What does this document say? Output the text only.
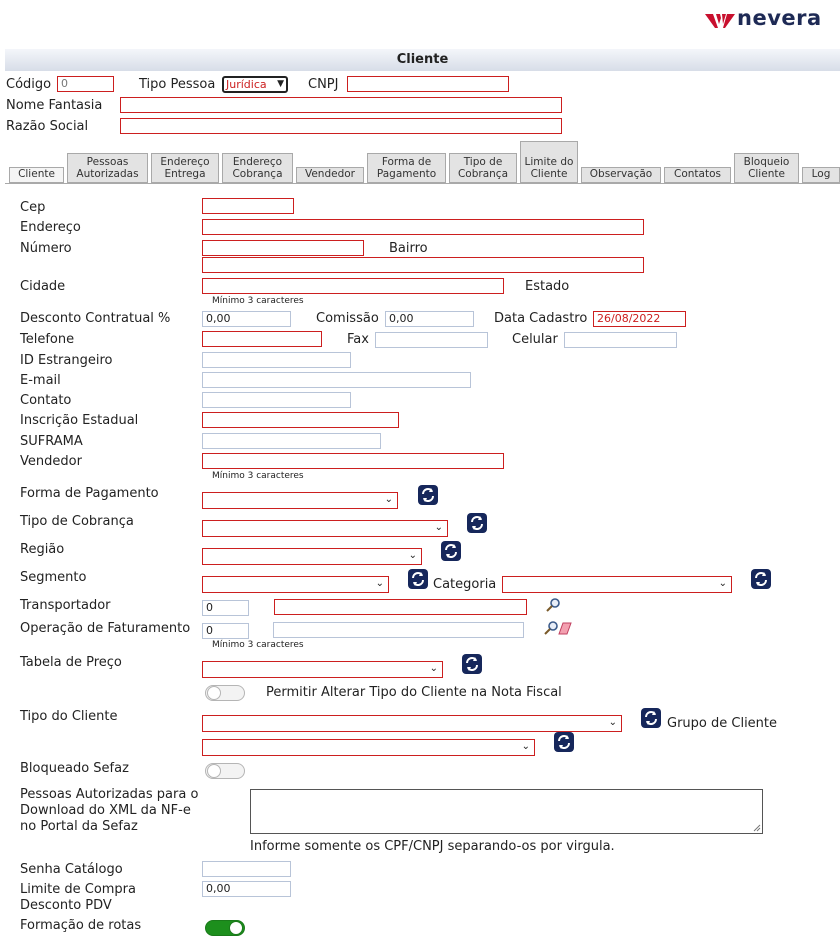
nevera
Cliente
Código 0	Tipo Pessoa Jurídica ▼ CNPJ
Nome Fantasia
Razão Social
Cliente
Pessoas Autorizadas
Endereço Entrega
Endereço Cobrança	Vendedor
Forma de Pagamento
Tipo de Cobrança
Limite do Cliente	Observação Contatos
Bloqueio Cliente	Log
Cep
Endereço
Número	Bairro
Cidade	Estado
Mínimo 3 caracteres
Desconto Contratual %	0,00	Comissão 0,00	Data Cadastro 26/08/2022
Telefone	Fax	Celular
ID Estrangeiro
E-mail
Contato
Inscrição Estadual
SUFRAMA
Vendedor
Mínimo 3 caracteres
Forma de Pagamento	⌄
Tipo de Cobrança	⌄
Região	⌄
Segmento	⌄	Categoria	⌄
Transportador	0
Operação de Faturamento	0
Mínimo 3 caracteres
Tabela de Preço	⌄
Permitir Alterar Tipo do Cliente na Nota Fiscal
Tipo do Cliente	⌄	Grupo de Cliente
⌄
Bloqueado Sefaz
Pessoas Autorizadas para o Download do XML da NF-e no Portal da Sefaz
Informe somente os CPF/CNPJ separando-os por virgula.
Senha Catálogo
Limite de Compra	0,00
Desconto PDV
Formação de rotas
